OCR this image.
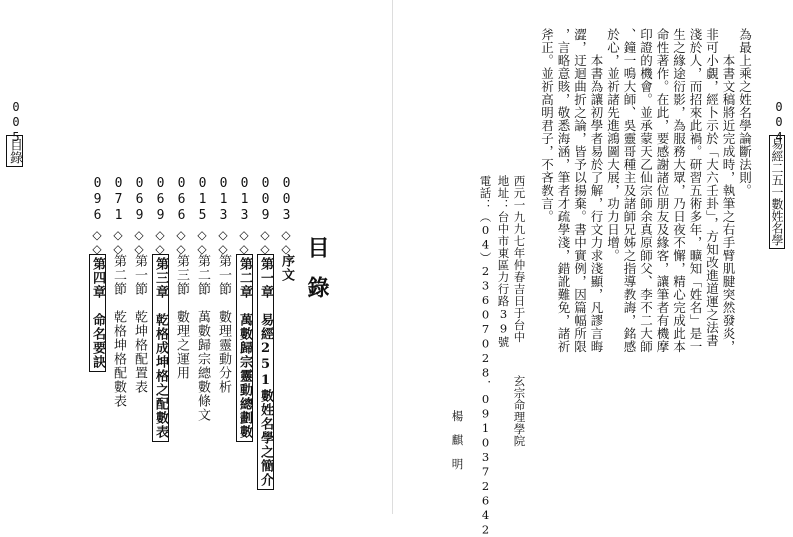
005
目錄
目錄
003
◇◇
序文
009
◇◇
第一章　易經251數姓名學之簡介
013
◇◇
第二章　萬數歸宗靈動總劃數
013
◇◇
第一節　數理靈動分析
015
◇◇
第二節　萬數歸宗總數條文
066
◇◇
第三節　數理之運用
069
◇◇
第三章　乾格成坤格之配數表
069
◇◇
第一節　乾坤格配置表
071
◇◇
第二節　乾格坤格配數表
096
◇◇
第四章　命名要訣
004
易經二五一數姓名學
為最上乘之姓名學論斷法則。
　　本書文稿將近完成時，執筆之右手臂肌腱突然發炎，
非可小覷，經卜示於「大六壬卦」，方知改進道運之法書
淺於人，而招來此禍。研習五術多年，曠知「姓名」是一
生之緣途衍影，為服務大眾，乃日夜不懈，精心完成此本
命性著作。在此，要感謝諸位朋友及緣客，讓筆者有機摩
印證的機會。並承蒙天乙仙宗師余真原師父、李不二大師
、鐘一鳴大師、吳靈哥種主及諸師兄姊之指導教誨，銘感
於心，並祈諸先進鴻圖大展，功力日增。
　　本書為讓初學者易於了解，行文力求淺顯，凡謬言晦
澀，迂迴曲折之論，皆予以揚棄。書中實例，因篇幅所限
，言略意賅，敬悉海涵，筆者才疏學淺，錯訛難免，諸祈
斧正。並祈高明君子，不吝教言。
西元一九九七年仲春吉日于台中
玄宗命理學院
地址：台中市東區力行路39號
電話：（04）23607028．0910372642
楊　麒　明
